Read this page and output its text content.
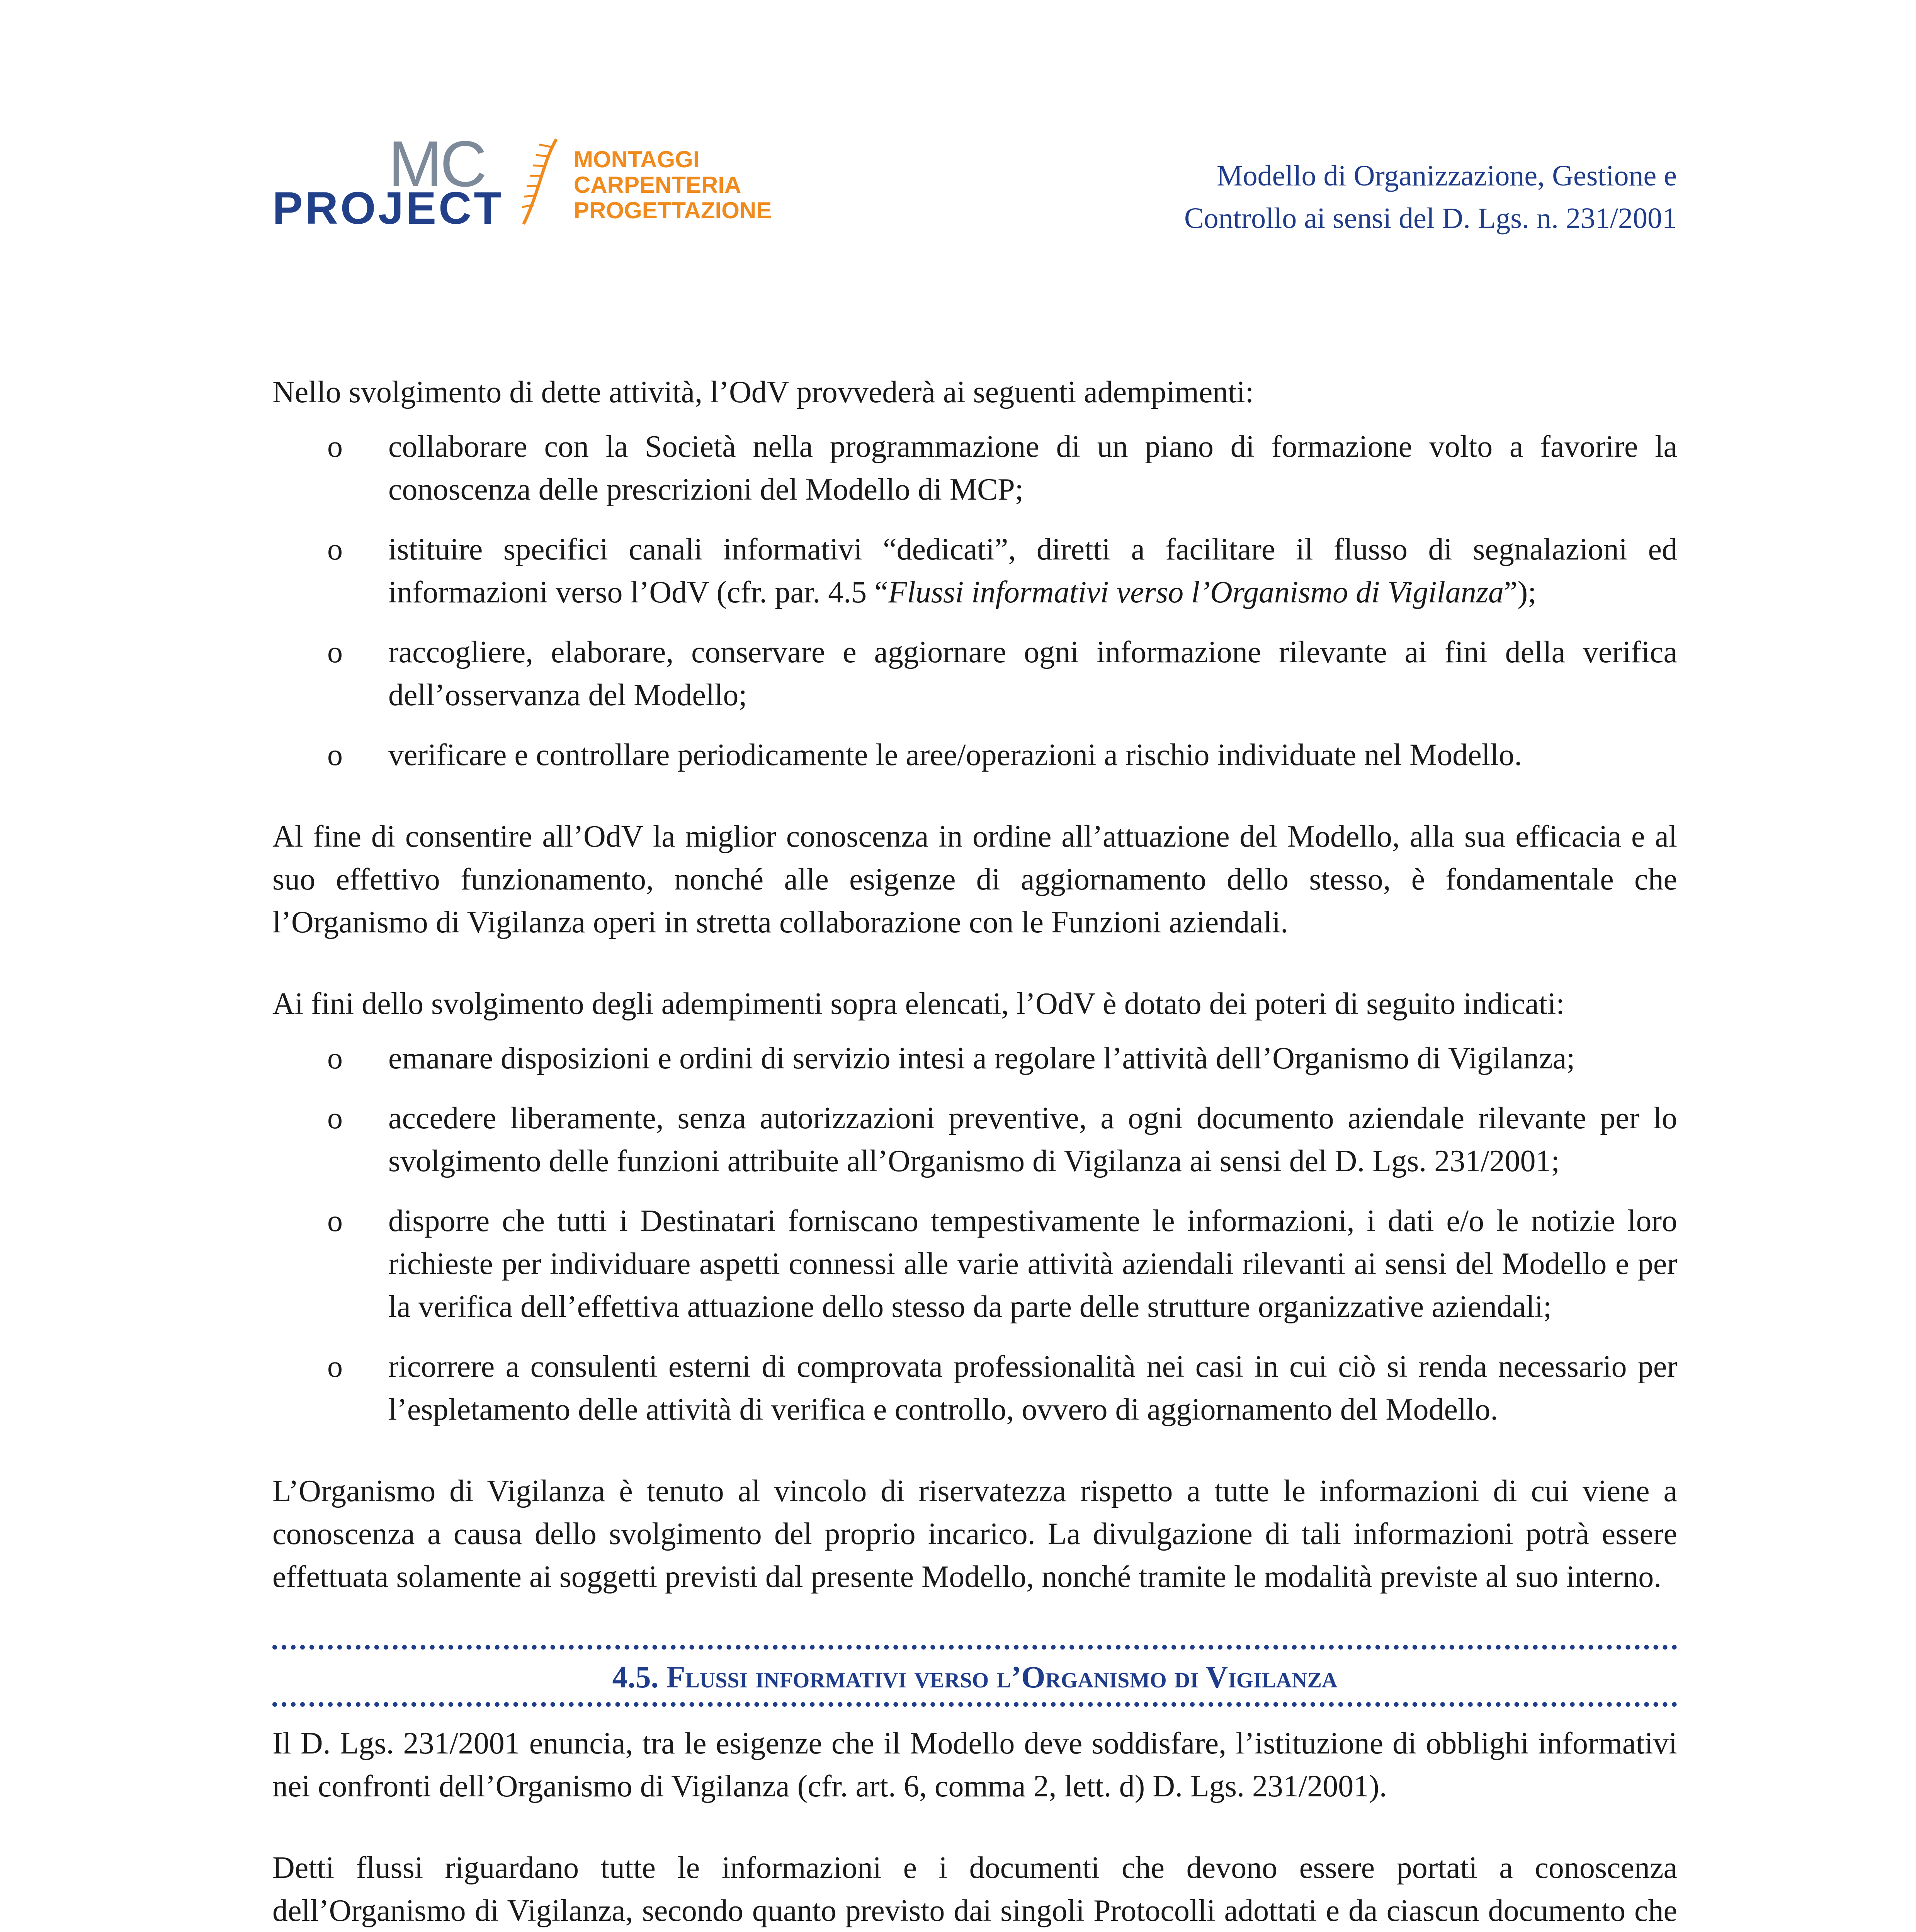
MC
PROJECT
MONTAGGI
CARPENTERIA
PROGETTAZIONE
Modello di Organizzazione, Gestione e
Controllo ai sensi del D. Lgs. n. 231/2001

Nello svolgimento di dette attività, l’OdV provvederà ai seguenti adempimenti:

o collaborare con la Società nella programmazione di un piano di formazione volto a favorire la conoscenza delle prescrizioni del Modello di MCP;
o istituire specifici canali informativi “dedicati”, diretti a facilitare il flusso di segnalazioni ed informazioni verso l’OdV (cfr. par. 4.5 “Flussi informativi verso l’Organismo di Vigilanza”);
o raccogliere, elaborare, conservare e aggiornare ogni informazione rilevante ai fini della verifica dell’osservanza del Modello;
o verificare e controllare periodicamente le aree/operazioni a rischio individuate nel Modello.

Al fine di consentire all’OdV la miglior conoscenza in ordine all’attuazione del Modello, alla sua efficacia e al suo effettivo funzionamento, nonché alle esigenze di aggiornamento dello stesso, è fondamentale che l’Organismo di Vigilanza operi in stretta collaborazione con le Funzioni aziendali.

Ai fini dello svolgimento degli adempimenti sopra elencati, l’OdV è dotato dei poteri di seguito indicati:

o emanare disposizioni e ordini di servizio intesi a regolare l’attività dell’Organismo di Vigilanza;
o accedere liberamente, senza autorizzazioni preventive, a ogni documento aziendale rilevante per lo svolgimento delle funzioni attribuite all’Organismo di Vigilanza ai sensi del D. Lgs. 231/2001;
o disporre che tutti i Destinatari forniscano tempestivamente le informazioni, i dati e/o le notizie loro richieste per individuare aspetti connessi alle varie attività aziendali rilevanti ai sensi del Modello e per la verifica dell’effettiva attuazione dello stesso da parte delle strutture organizzative aziendali;
o ricorrere a consulenti esterni di comprovata professionalità nei casi in cui ciò si renda necessario per l’espletamento delle attività di verifica e controllo, ovvero di aggiornamento del Modello.

L’Organismo di Vigilanza è tenuto al vincolo di riservatezza rispetto a tutte le informazioni di cui viene a conoscenza a causa dello svolgimento del proprio incarico. La divulgazione di tali informazioni potrà essere effettuata solamente ai soggetti previsti dal presente Modello, nonché tramite le modalità previste al suo interno.

4.5. Flussi informativi verso l’Organismo di Vigilanza

Il D. Lgs. 231/2001 enuncia, tra le esigenze che il Modello deve soddisfare, l’istituzione di obblighi informativi nei confronti dell’Organismo di Vigilanza (cfr. art. 6, comma 2, lett. d) D. Lgs. 231/2001).

Detti flussi riguardano tutte le informazioni e i documenti che devono essere portati a conoscenza dell’Organismo di Vigilanza, secondo quanto previsto dai singoli Protocolli adottati e da ciascun documento che
